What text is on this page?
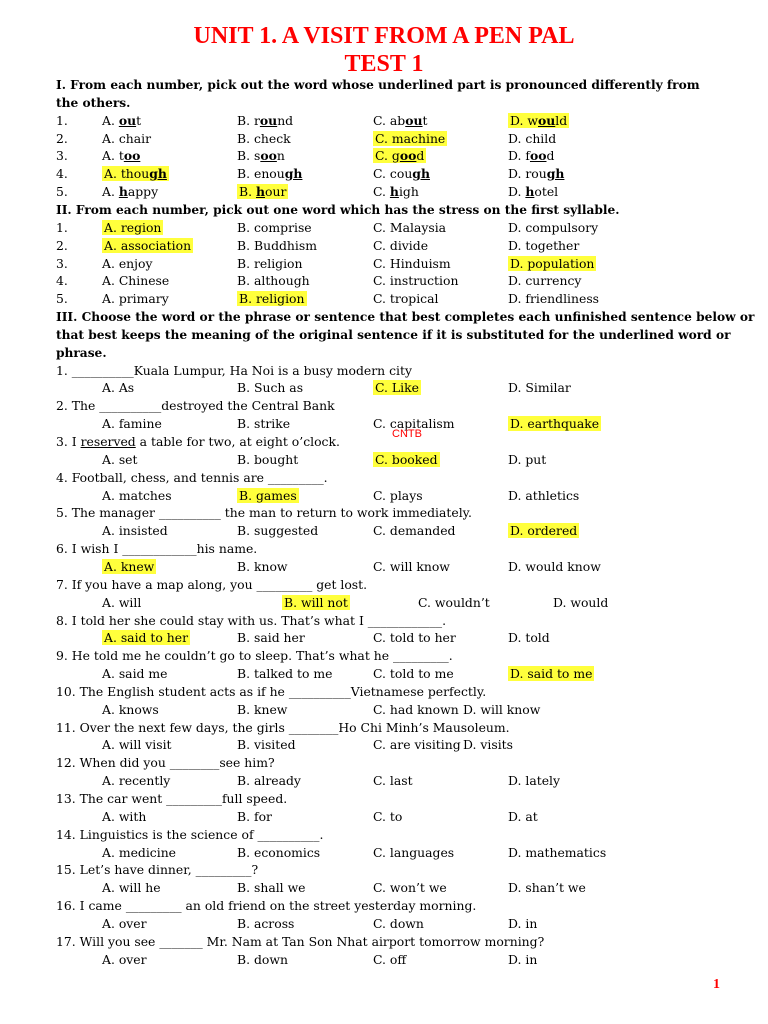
UNIT 1. A VISIT FROM A PEN PAL
TEST 1
I. From each number, pick out the word whose underlined part is pronounced differently from the others.
1.	A. out	B. round	C. about	D. would
2.	A. chair	B. check	C. machine	D. child
3.	A. too	B. soon	C. good	D. food
4.	A. though	B. enough	C. cough	D. rough
5.	A. happy	B. hour	C. high	D. hotel
II. From each number, pick out one word which has the stress on the first syllable.
1.	A. region	B. comprise	C. Malaysia	D. compulsory
2.	A. association	B. Buddhism	C. divide	D. together
3.	A. enjoy	B. religion	C. Hinduism	D. population
4.	A. Chinese	B. although	C. instruction	D. currency
5.	A. primary	B. religion	C. tropical	D. friendliness
III. Choose the word or the phrase or sentence that best completes each unfinished sentence below or
that best keeps the meaning of the original sentence if it is substituted for the underlined word or
phrase.
1. __________Kuala Lumpur, Ha Noi is a busy modern city
A. As	B. Such as	C. Like	D. Similar
2. The __________destroyed the Central Bank
A. famine	B. strike	C. capitalism	D. earthquake
3. I reserved a table for two, at eight o’clock.
A. set	B. bought	C. booked	D. put
4. Football, chess, and tennis are _________.
A. matches	B. games	C. plays	D. athletics
5. The manager __________ the man to return to work immediately.
A. insisted	B. suggested	C. demanded	D. ordered
6. I wish I ____________his name.
A. knew	B. know	C. will know	D. would know
7. If you have a map along, you _________ get lost.
A. will	B. will not	C. wouldn’t	D. would
8. I told her she could stay with us. That’s what I ____________.
A. said to her	B. said her	C. told to her	D. told
9. He told me he couldn’t go to sleep. That’s what he _________.
A. said me	B. talked to me	C. told to me	D. said to me
10. The English student acts as if he __________Vietnamese perfectly.
A. knows	B. knew	C. had known D. will know
11. Over the next few days, the girls ________Ho Chi Minh’s Mausoleum.
A. will visit	B. visited	C. are visiting D. visits
12. When did you ________see him?
A. recently	B. already	C. last	D. lately
13. The car went _________full speed.
A. with	B. for	C. to	D. at
14. Linguistics is the science of __________.
A. medicine	B. economics	C. languages	D. mathematics
15. Let’s have dinner, _________?
A. will he	B. shall we	C. won’t we	D. shan’t we
16. I came _________ an old friend on the street yesterday morning.
A. over	B. across	C. down	D. in
17. Will you see _______ Mr. Nam at Tan Son Nhat airport tomorrow morning?
A. over	B. down	C. off	D. in
CNTB
1
